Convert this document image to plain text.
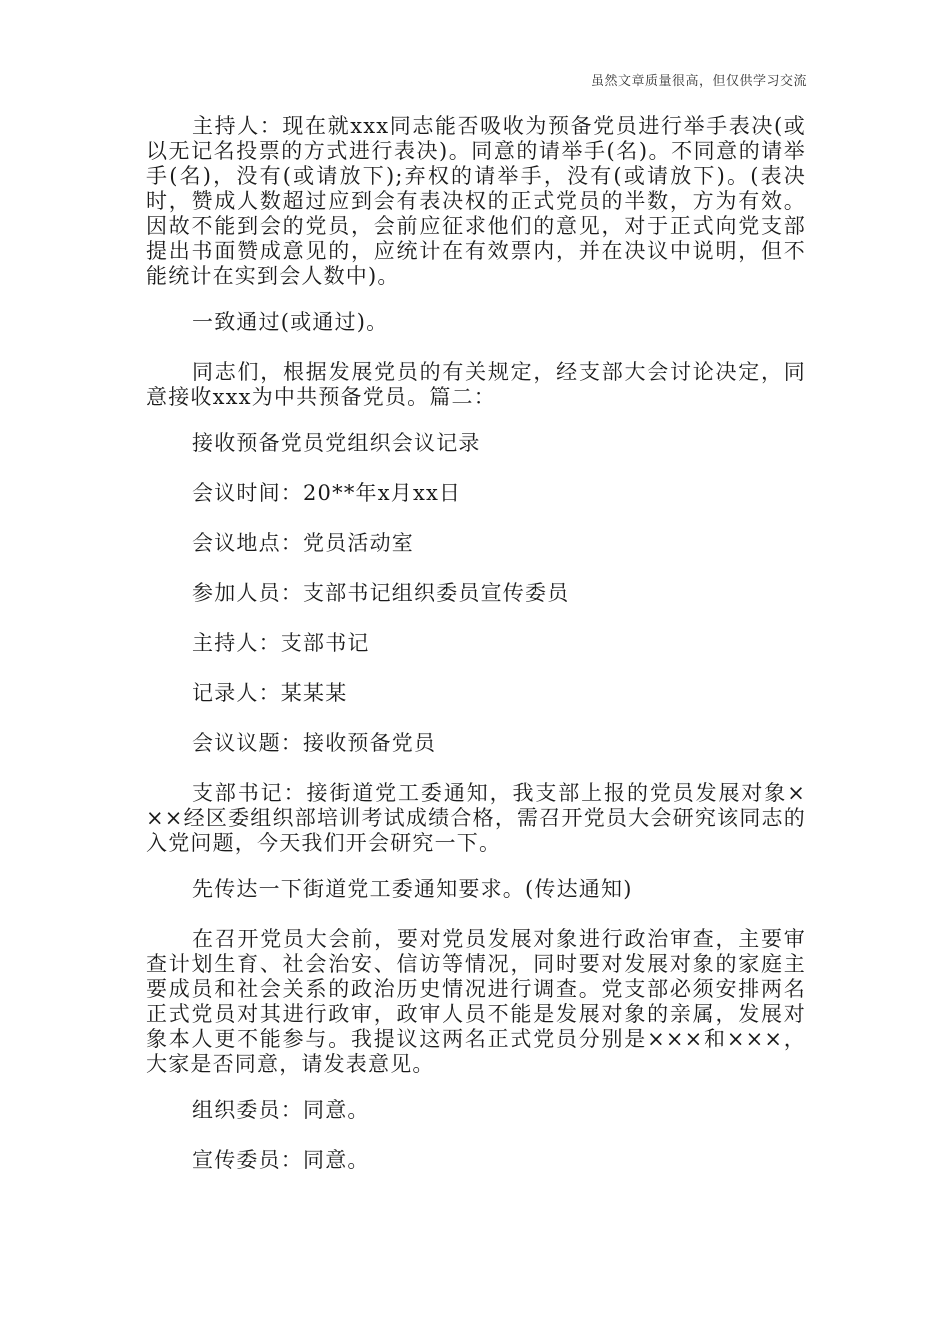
虽然文章质量很高，但仅供学习交流

主持人：现在就xxx同志能否吸收为预备党员进行举手表决(或以无记名投票的方式进行表决)。同意的请举手(名)。不同意的请举手(名)，没有(或请放下);弃权的请举手，没有(或请放下)。(表决时，赞成人数超过应到会有表决权的正式党员的半数，方为有效。因故不能到会的党员，会前应征求他们的意见，对于正式向党支部提出书面赞成意见的，应统计在有效票内，并在决议中说明，但不能统计在实到会人数中)。

一致通过(或通过)。

同志们，根据发展党员的有关规定，经支部大会讨论决定，同意接收xxx为中共预备党员。篇二：

接收预备党员党组织会议记录

会议时间：20**年x月xx日

会议地点：党员活动室

参加人员：支部书记组织委员宣传委员

主持人：支部书记

记录人：某某某

会议议题：接收预备党员

支部书记：接街道党工委通知，我支部上报的党员发展对象×××经区委组织部培训考试成绩合格，需召开党员大会研究该同志的入党问题，今天我们开会研究一下。

先传达一下街道党工委通知要求。(传达通知)

在召开党员大会前，要对党员发展对象进行政治审查，主要审查计划生育、社会治安、信访等情况，同时要对发展对象的家庭主要成员和社会关系的政治历史情况进行调查。党支部必须安排两名正式党员对其进行政审，政审人员不能是发展对象的亲属，发展对象本人更不能参与。我提议这两名正式党员分别是×××和×××，大家是否同意，请发表意见。

组织委员：同意。

宣传委员：同意。
